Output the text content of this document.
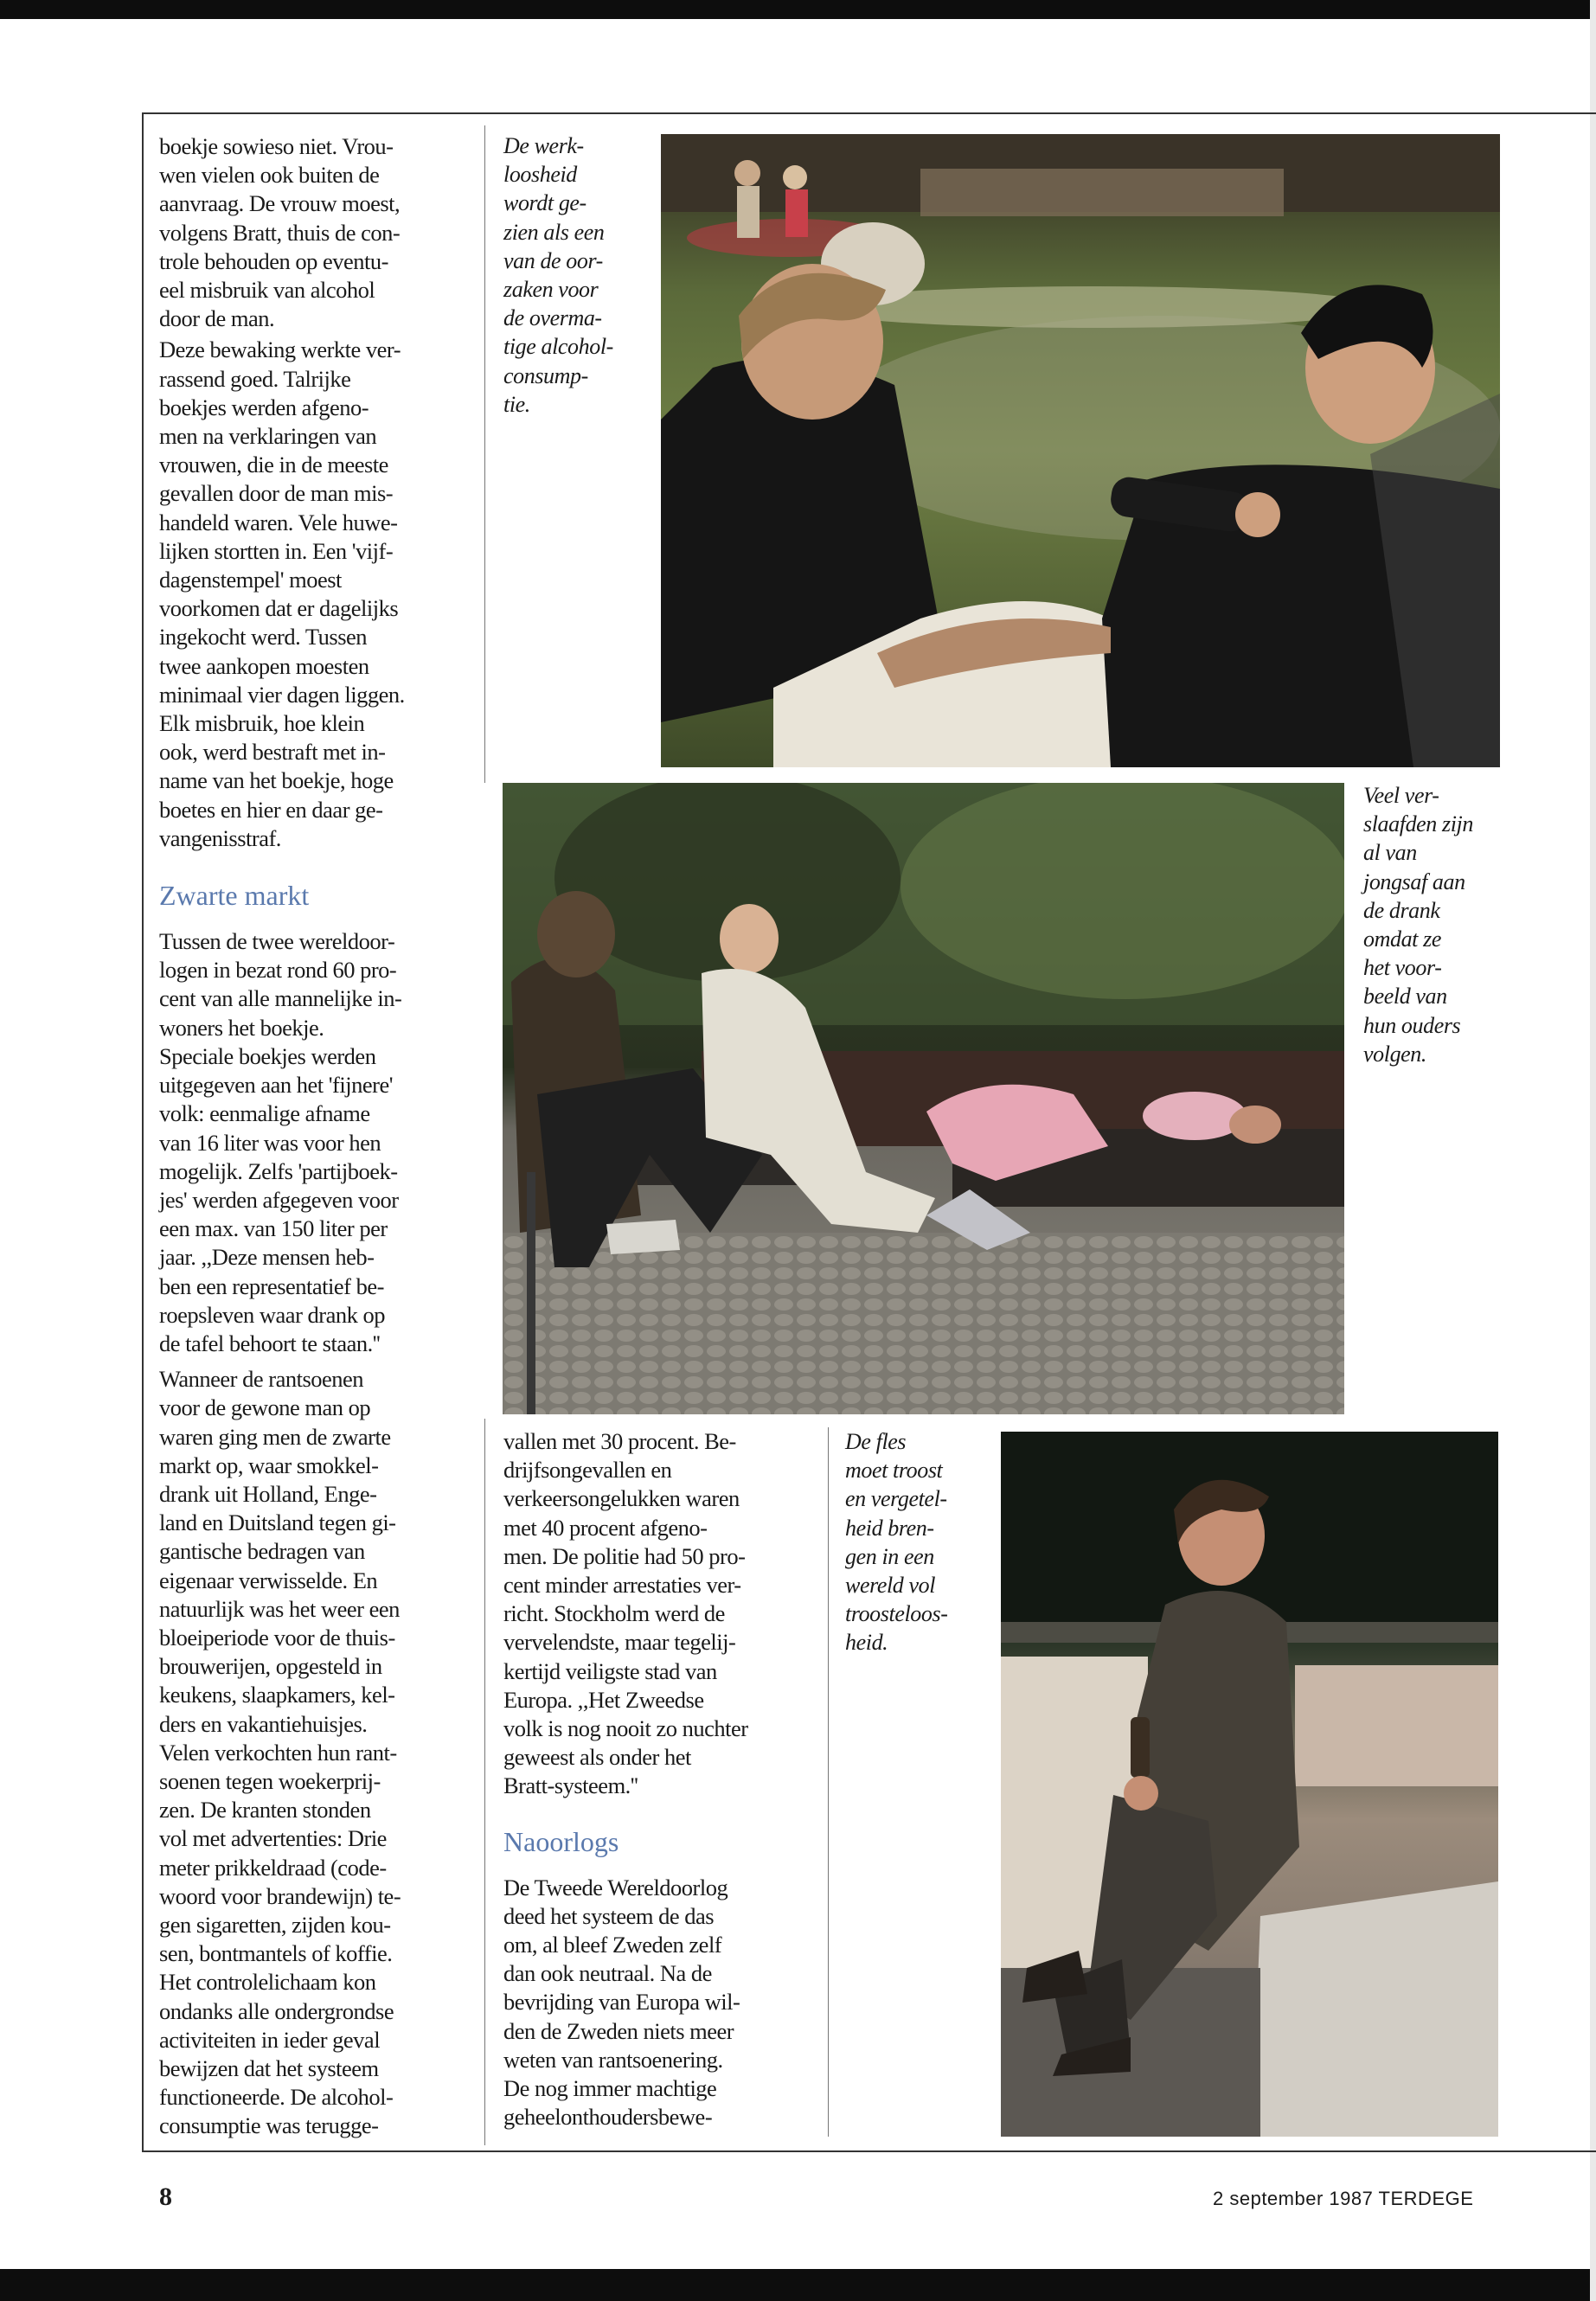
boekje sowieso niet. Vrou-
wen vielen ook buiten de
aanvraag. De vrouw moest,
volgens Bratt, thuis de con-
trole behouden op eventu-
eel misbruik van alcohol
door de man.

Deze bewaking werkte ver-
rassend goed. Talrijke
boekjes werden afgeno-
men na verklaringen van
vrouwen, die in de meeste
gevallen door de man mis-
handeld waren. Vele huwe-
lijken stortten in. Een 'vijf-
dagenstempel' moest
voorkomen dat er dagelijks
ingekocht werd. Tussen
twee aankopen moesten
minimaal vier dagen liggen.
Elk misbruik, hoe klein
ook, werd bestraft met in-
name van het boekje, hoge
boetes en hier en daar ge-
vangenisstraf.

Zwarte markt

Tussen de twee wereldoor-
logen in bezat rond 60 pro-
cent van alle mannelijke in-
woners het boekje.
Speciale boekjes werden
uitgegeven aan het 'fijnere'
volk: eenmalige afname
van 16 liter was voor hen
mogelijk. Zelfs 'partijboek-
jes' werden afgegeven voor
een max. van 150 liter per
jaar. ,,Deze mensen heb-
ben een representatief be-
roepsleven waar drank op
de tafel behoort te staan.''

Wanneer de rantsoenen
voor de gewone man op
waren ging men de zwarte
markt op, waar smokkel-
drank uit Holland, Enge-
land en Duitsland tegen gi-
gantische bedragen van
eigenaar verwisselde. En
natuurlijk was het weer een
bloeiperiode voor de thuis-
brouwerijen, opgesteld in
keukens, slaapkamers, kel-
ders en vakantiehuisjes.
Velen verkochten hun rant-
soenen tegen woekerprij-
zen. De kranten stonden
vol met advertenties: Drie
meter prikkeldraad (code-
woord voor brandewijn) te-
gen sigaretten, zijden kou-
sen, bontmantels of koffie.
Het controlelichaam kon
ondanks alle ondergrondse
activiteiten in ieder geval
bewijzen dat het systeem
functioneerde. De alcohol-
consumptie was terugge-

De werk-
loosheid
wordt ge-
zien als een
van de oor-
zaken voor
de overma-
tige alcohol-
consump-
tie.
Veel ver-
slaafden zijn
al van
jongsaf aan
de drank
omdat ze
het voor-
beeld van
hun ouders
volgen.

vallen met 30 procent. Be-
drijfsongevallen en
verkeersongelukken waren
met 40 procent afgeno-
men. De politie had 50 pro-
cent minder arrestaties ver-
richt. Stockholm werd de
vervelendste, maar tegelij-
kertijd veiligste stad van
Europa. ,,Het Zweedse
volk is nog nooit zo nuchter
geweest als onder het
Bratt-systeem.''

Naoorlogs

De Tweede Wereldoorlog
deed het systeem de das
om, al bleef Zweden zelf
dan ook neutraal. Na de
bevrijding van Europa wil-
den de Zweden niets meer
weten van rantsoenering.
De nog immer machtige
geheelonthoudersbewe-

De fles
moet troost
en vergetel-
heid bren-
gen in een
wereld vol
troosteloos-
heid.
8	2 september 1987 TERDEGE
